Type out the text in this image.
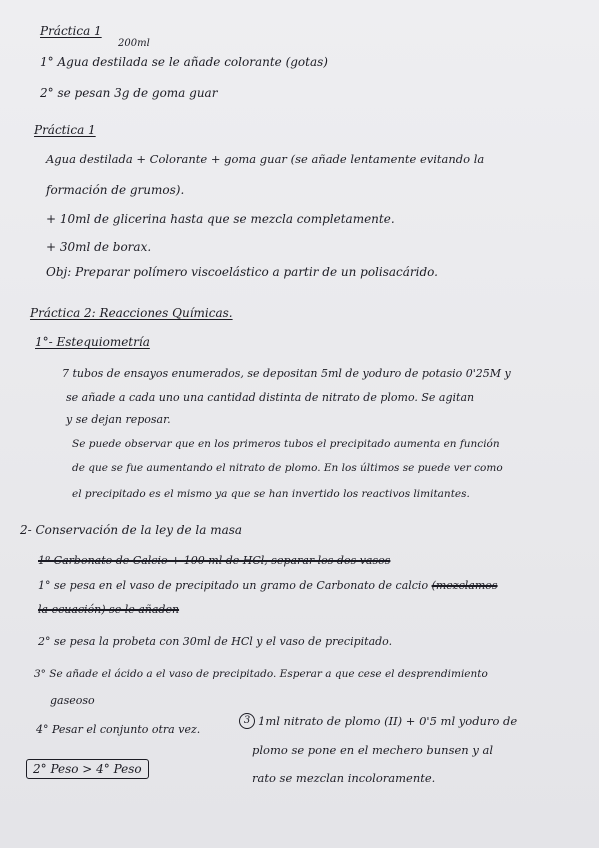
Práctica 1
200ml
1° Agua destilada se le añade colorante (gotas)
2° se pesan 3g de goma guar
Práctica 1
Agua destilada + Colorante + goma guar (se añade lentamente evitando la
formación de grumos).
+ 10ml de glicerina hasta que se mezcla completamente.
+ 30ml de borax.
Obj: Preparar polímero viscoelástico a partir de un polisacárido.
Práctica 2: Reacciones Químicas.
1°- Estequiometría
7 tubos de ensayos enumerados, se depositan 5ml de yoduro de potasio 0'25M y
se añade a cada uno una cantidad distinta de nitrato de plomo. Se agitan
y se dejan reposar.
Se puede observar que en los primeros tubos el precipitado aumenta en función
de que se fue aumentando el nitrato de plomo. En los últimos se puede ver como
el precipitado es el mismo ya que se han invertido los reactivos limitantes.
2- Conservación de la ley de la masa
1º Carbonato de Calcio + 100 ml de HCl, separar los dos vasos
1° se pesa en el vaso de precipitado un gramo de Carbonato de calcio (mezclamos
la ecuación) se le añaden
2° se pesa la probeta con 30ml de HCl y el vaso de precipitado.
3° Se añade el ácido a el vaso de precipitado. Esperar a que cese el desprendimiento
gaseoso
4° Pesar el conjunto otra vez.
2° Peso > 4° Peso
3 1ml nitrato de plomo (II) + 0'5 ml yoduro de
plomo se pone en el mechero bunsen y al
rato se mezclan incoloramente.
